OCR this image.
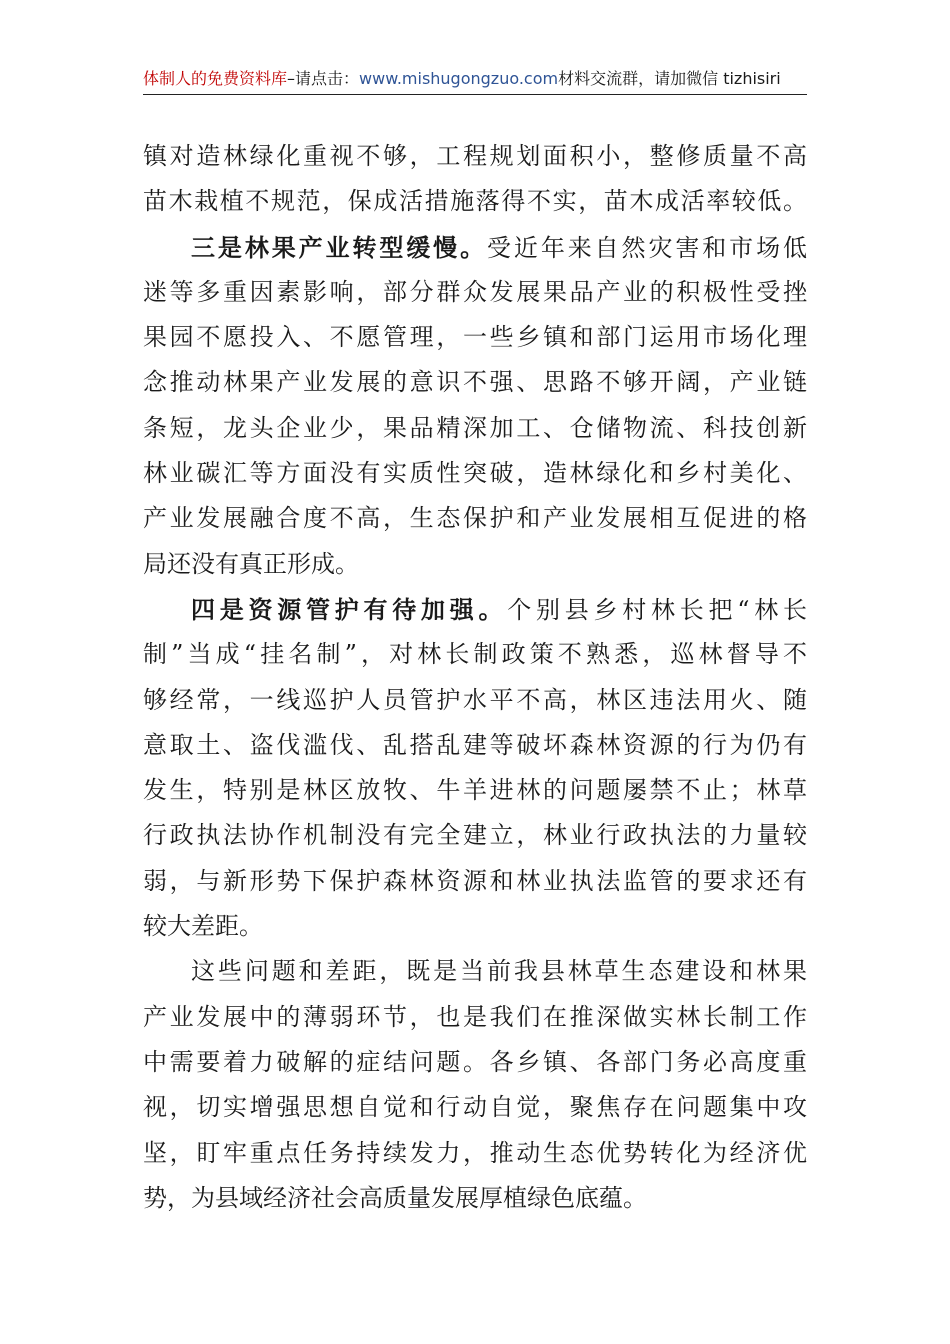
体制人的免费资料库 –请点击： www.mishugongzuo.com 材料交流群，请加微信 tizhisiri
镇对造林绿化重视不够，工程规划面积小，整修质量不高
苗木栽植不规范，保成活措施落得不实，苗木成活率较低。
三是林果产业转型缓慢。受近年来自然灾害和市场低
迷等多重因素影响，部分群众发展果品产业的积极性受挫
果园不愿投入、不愿管理，一些乡镇和部门运用市场化理
念推动林果产业发展的意识不强、思路不够开阔，产业链
条短，龙头企业少，果品精深加工、仓储物流、科技创新
林业碳汇等方面没有实质性突破，造林绿化和乡村美化、
产业发展融合度不高，生态保护和产业发展相互促进的格
局还没有真正形成。
四是资源管护有待加强。个别县乡村林长把“林长
制”当成“挂名制”，对林长制政策不熟悉，巡林督导不
够经常，一线巡护人员管护水平不高，林区违法用火、随
意取土、盗伐滥伐、乱搭乱建等破坏森林资源的行为仍有
发生，特别是林区放牧、牛羊进林的问题屡禁不止；林草
行政执法协作机制没有完全建立，林业行政执法的力量较
弱，与新形势下保护森林资源和林业执法监管的要求还有
较大差距。
这些问题和差距，既是当前我县林草生态建设和林果
产业发展中的薄弱环节，也是我们在推深做实林长制工作
中需要着力破解的症结问题。各乡镇、各部门务必高度重
视，切实增强思想自觉和行动自觉，聚焦存在问题集中攻
坚，盯牢重点任务持续发力，推动生态优势转化为经济优
势，为县域经济社会高质量发展厚植绿色底蕴。
